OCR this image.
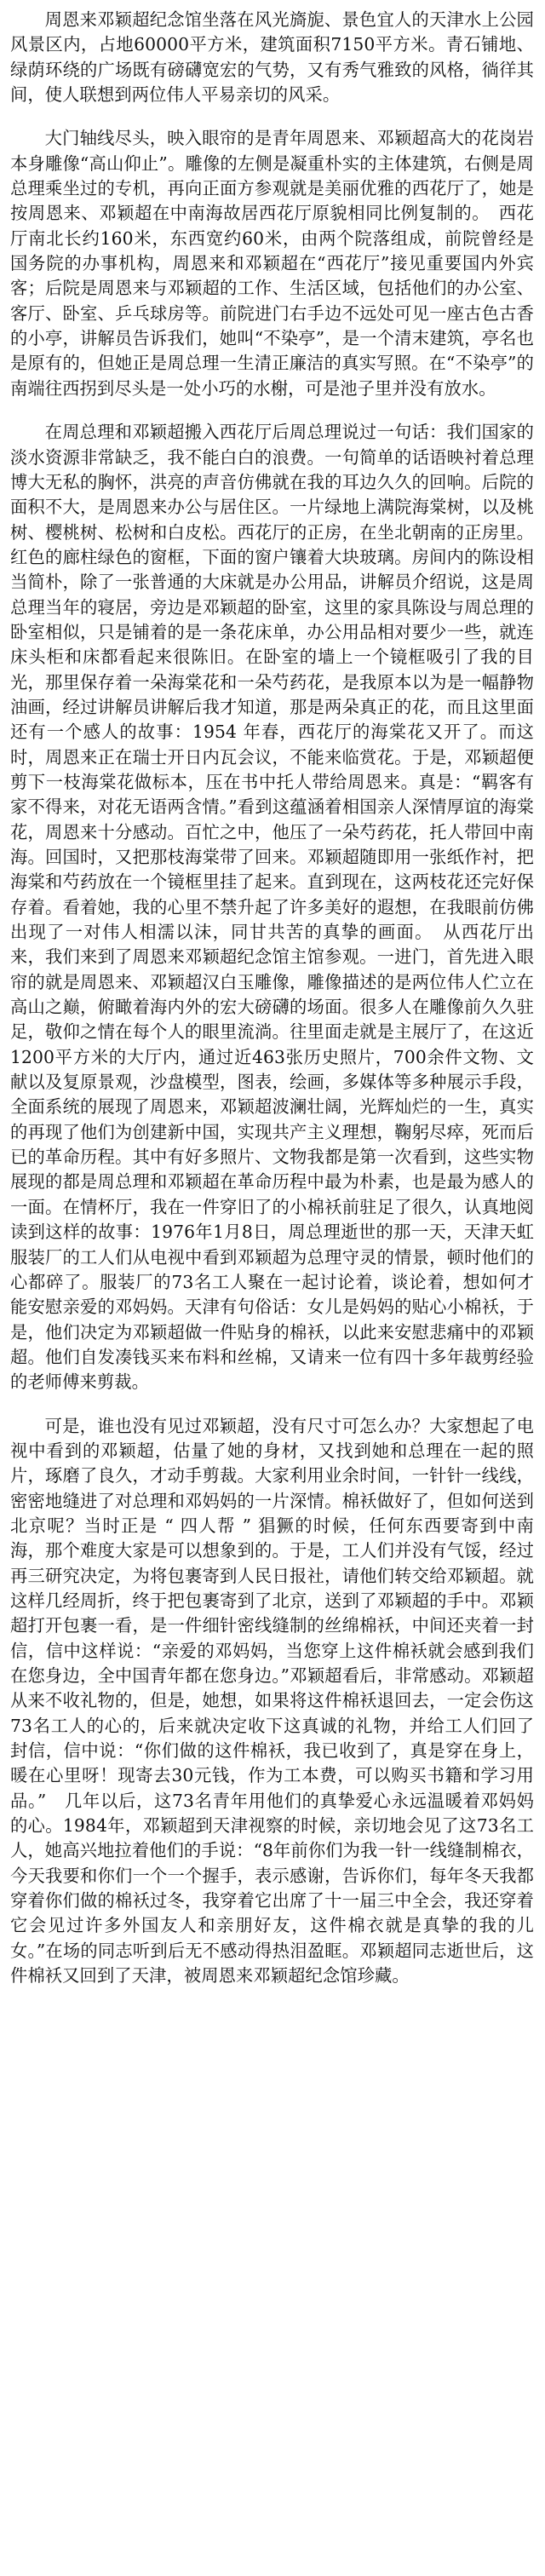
周恩来邓颖超纪念馆坐落在风光旖旎、景色宜人的天津水上公园风景区内，占地60000平方米，建筑面积7150平方米。青石铺地、绿荫环绕的广场既有磅礴宽宏的气势，又有秀气雅致的风格，徜徉其间，使人联想到两位伟人平易亲切的风采。

大门轴线尽头，映入眼帘的是青年周恩来、邓颖超高大的花岗岩本身雕像“高山仰止”。雕像的左侧是凝重朴实的主体建筑，右侧是周总理乘坐过的专机，再向正面方参观就是美丽优雅的西花厅了，她是按周恩来、邓颖超在中南海故居西花厅原貌相同比例复制的。　西花厅南北长约160米，东西宽约60米，由两个院落组成，前院曾经是国务院的办事机构，周恩来和邓颖超在“西花厅”接见重要国内外宾客；后院是周恩来与邓颖超的工作、生活区域，包括他们的办公室、客厅、卧室、乒乓球房等。前院进门右手边不远处可见一座古色古香的小亭，讲解员告诉我们，她叫“不染亭”，是一个清末建筑，亭名也是原有的，但她正是周总理一生清正廉洁的真实写照。在“不染亭”的南端往西拐到尽头是一处小巧的水榭，可是池子里并没有放水。

在周总理和邓颖超搬入西花厅后周总理说过一句话：我们国家的淡水资源非常缺乏，我不能白白的浪费。一句简单的话语映衬着总理博大无私的胸怀，洪亮的声音仿佛就在我的耳边久久的回响。后院的面积不大，是周恩来办公与居住区。一片绿地上满院海棠树，以及桃树、樱桃树、松树和白皮松。西花厅的正房，在坐北朝南的正房里。红色的廊柱绿色的窗框，下面的窗户镶着大块玻璃。房间内的陈设相当简朴，除了一张普通的大床就是办公用品，讲解员介绍说，这是周总理当年的寝居，旁边是邓颖超的卧室，这里的家具陈设与周总理的卧室相似，只是铺着的是一条花床单，办公用品相对要少一些，就连床头柜和床都看起来很陈旧。在卧室的墙上一个镜框吸引了我的目光，那里保存着一朵海棠花和一朵芍药花，是我原本以为是一幅静物油画，经过讲解员讲解后我才知道，那是两朵真正的花，而且这里面还有一个感人的故事：1954 年春，西花厅的海棠花又开了。而这时，周恩来正在瑞士开日内瓦会议，不能来临赏花。于是，邓颖超便剪下一枝海棠花做标本，压在书中托人带给周恩来。真是：“羁客有家不得来，对花无语两含情。”看到这蕴涵着相国亲人深情厚谊的海棠花，周恩来十分感动。百忙之中，他压了一朵芍药花，托人带回中南海。回国时，又把那枝海棠带了回来。邓颖超随即用一张纸作衬，把海棠和芍药放在一个镜框里挂了起来。直到现在，这两枝花还完好保存着。看着她，我的心里不禁升起了许多美好的遐想，在我眼前仿佛出现了一对伟人相濡以沫，同甘共苦的真挚的画面。　从西花厅出来，我们来到了周恩来邓颖超纪念馆主馆参观。一进门，首先进入眼帘的就是周恩来、邓颖超汉白玉雕像，雕像描述的是两位伟人伫立在高山之巅，俯瞰着海内外的宏大磅礴的场面。很多人在雕像前久久驻足，敬仰之情在每个人的眼里流淌。往里面走就是主展厅了，在这近1200平方米的大厅内，通过近463张历史照片，700余件文物、文献以及复原景观，沙盘模型，图表，绘画，多媒体等多种展示手段，全面系统的展现了周恩来，邓颖超波澜壮阔，光辉灿烂的一生，真实的再现了他们为创建新中国，实现共产主义理想，鞠躬尽瘁，死而后已的革命历程。其中有好多照片、文物我都是第一次看到，这些实物展现的都是周总理和邓颖超在革命历程中最为朴素，也是最为感人的一面。在情杯厅，我在一件穿旧了的小棉袄前驻足了很久，认真地阅读到这样的故事：1976年1月8日，周总理逝世的那一天，天津天虹服装厂的工人们从电视中看到邓颖超为总理守灵的情景，顿时他们的心都碎了。服装厂的73名工人聚在一起讨论着，谈论着，想如何才能安慰亲爱的邓妈妈。天津有句俗话：女儿是妈妈的贴心小棉袄，于是，他们决定为邓颖超做一件贴身的棉袄，以此来安慰悲痛中的邓颖超。他们自发凑钱买来布料和丝棉，又请来一位有四十多年裁剪经验的老师傅来剪裁。

可是，谁也没有见过邓颖超，没有尺寸可怎么办？大家想起了电视中看到的邓颖超，估量了她的身材，又找到她和总理在一起的照片，琢磨了良久，才动手剪裁。大家利用业余时间，一针针一线线，密密地缝进了对总理和邓妈妈的一片深情。棉袄做好了，但如何送到北京呢？当时正是 “ 四人帮 ” 猖獗的时候，任何东西要寄到中南海，那个难度大家是可以想象到的。于是，工人们并没有气馁，经过再三研究决定，为将包裹寄到人民日报社，请他们转交给邓颖超。就这样几经周折，终于把包裹寄到了北京，送到了邓颖超的手中。邓颖超打开包裹一看，是一件细针密线缝制的丝绵棉袄，中间还夹着一封信，信中这样说：“亲爱的邓妈妈，当您穿上这件棉袄就会感到我们在您身边，全中国青年都在您身边。”邓颖超看后，非常感动。邓颖超从来不收礼物的，但是，她想，如果将这件棉袄退回去，一定会伤这73名工人的心的，后来就决定收下这真诚的礼物，并给工人们回了封信，信中说：“你们做的这件棉袄，我已收到了，真是穿在身上，暖在心里呀！现寄去30元钱，作为工本费，可以购买书籍和学习用品。”　几年以后，这73名青年用他们的真挚爱心永远温暖着邓妈妈的心。1984年，邓颖超到天津视察的时候，亲切地会见了这73名工人，她高兴地拉着他们的手说：“8年前你们为我一针一线缝制棉衣，今天我要和你们一个一个握手，表示感谢，告诉你们，每年冬天我都穿着你们做的棉袄过冬，我穿着它出席了十一届三中全会，我还穿着它会见过许多外国友人和亲朋好友，这件棉衣就是真挚的我的儿女。”在场的同志听到后无不感动得热泪盈眶。邓颖超同志逝世后，这件棉袄又回到了天津，被周恩来邓颖超纪念馆珍藏。
